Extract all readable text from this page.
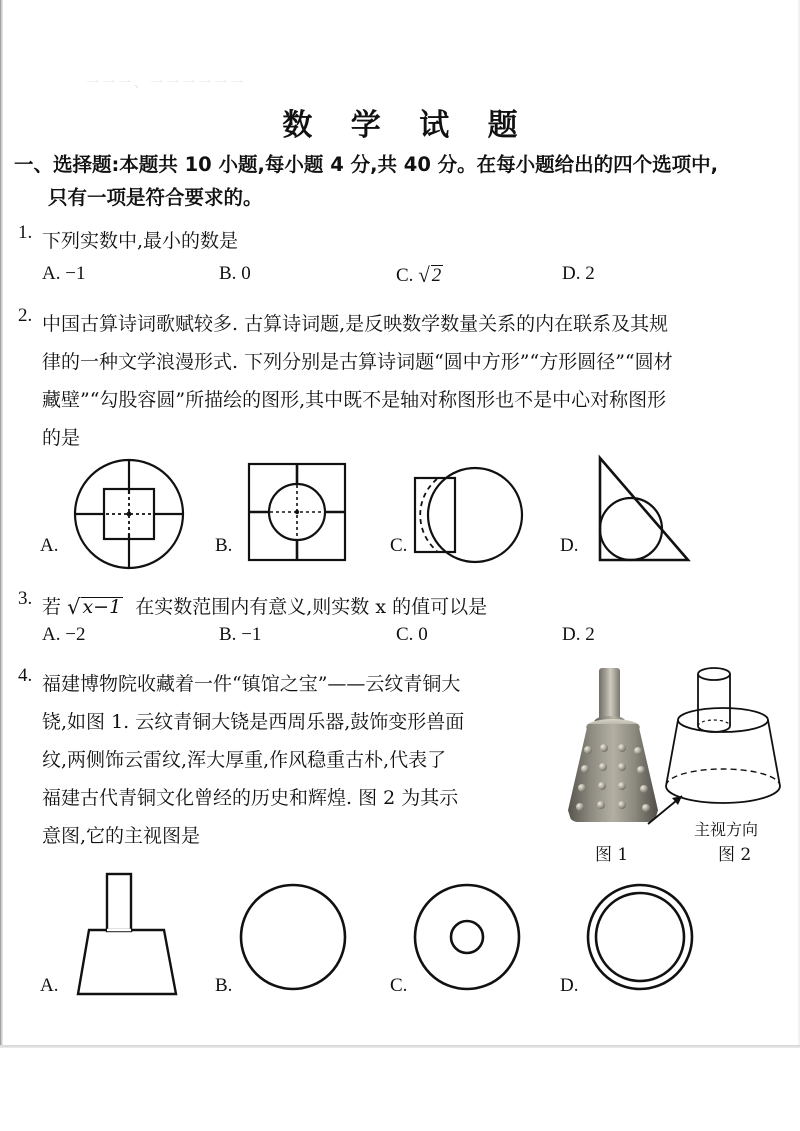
一一一、一一一一一一
数 学 试 题
一、选择题:本题共 10 小题,每小题 4 分,共 40 分。在每小题给出的四个选项中,
只有一项是符合要求的。
1. 下列实数中,最小的数是
A. −1	B. 0	C. √ 2	D. 2
2. 中国古算诗词歌赋较多. 古算诗词题,是反映数学数量关系的内在联系及其规
律的一种文学浪漫形式. 下列分别是古算诗词题“圆中方形”“方形圆径”“圆材
藏壁”“勾股容圆”所描绘的图形,其中既不是轴对称图形也不是中心对称图形
的是
A.	B.	C.	D.
3. 若 √ x−1 在实数范围内有意义,则实数 x 的值可以是
A. −2	B. −1	C. 0	D. 2
4. 福建博物院收藏着一件“镇馆之宝”——云纹青铜大
铙,如图 1. 云纹青铜大铙是西周乐器,鼓饰变形兽面
纹,两侧饰云雷纹,浑大厚重,作风稳重古朴,代表了
福建古代青铜文化曾经的历史和辉煌. 图 2 为其示
意图,它的主视图是
图 1
主视方向
图 2
A.	B.	C.	D.
